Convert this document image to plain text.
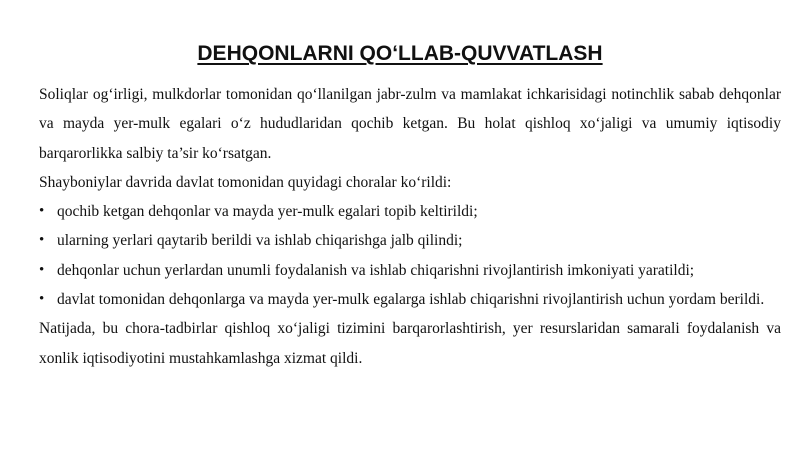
DEHQONLARNI QO‘LLAB-QUVVATLASH

Soliqlar og‘irligi, mulkdorlar tomonidan qo‘llanilgan jabr-zulm va mamlakat ichkarisidagi notinchlik sabab dehqonlar va mayda yer-mulk egalari o‘z hududlaridan qochib ketgan. Bu holat qishloq xo‘jaligi va umumiy iqtisodiy barqarorlikka salbiy ta’sir ko‘rsatgan.

Shayboniylar davrida davlat tomonidan quyidagi choralar ko‘rildi:

• qochib ketgan dehqonlar va mayda yer-mulk egalari topib keltirildi;
• ularning yerlari qaytarib berildi va ishlab chiqarishga jalb qilindi;
• dehqonlar uchun yerlardan unumli foydalanish va ishlab chiqarishni rivojlantirish imkoniyati yaratildi;
• davlat tomonidan dehqonlarga va mayda yer-mulk egalarga ishlab chiqarishni rivojlantirish uchun yordam berildi.

Natijada, bu chora-tadbirlar qishloq xo‘jaligi tizimini barqarorlashtirish, yer resurslaridan samarali foydalanish va xonlik iqtisodiyotini mustahkamlashga xizmat qildi.
